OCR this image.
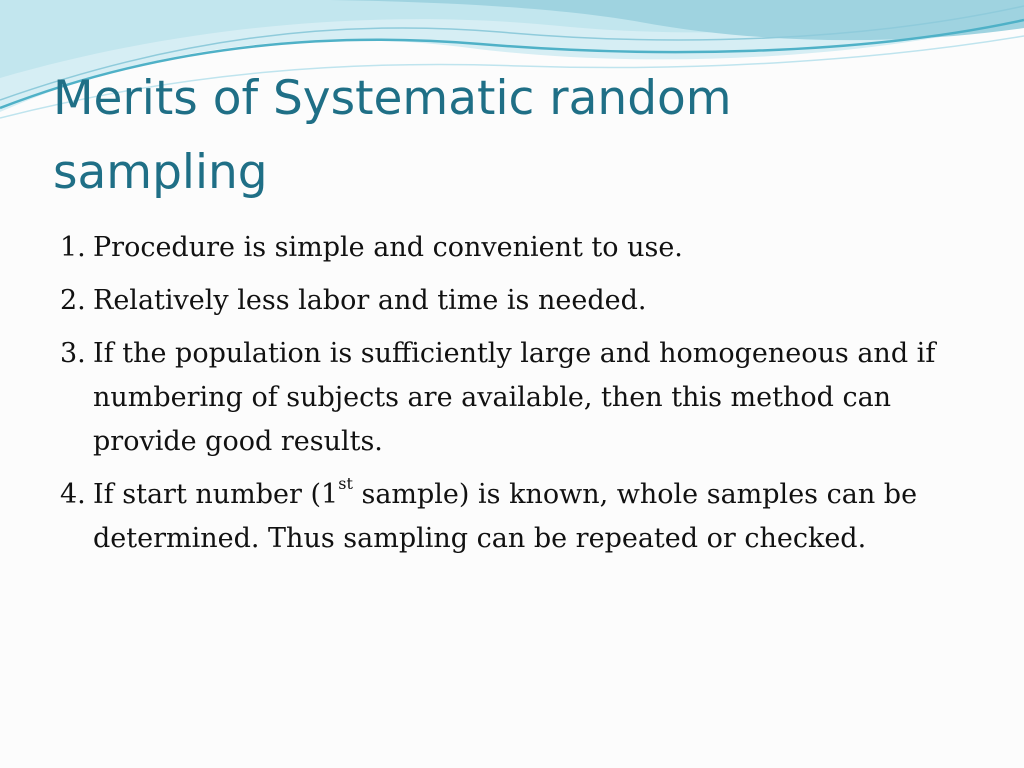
Merits of Systematic random sampling
1. Procedure is simple and convenient to use.
2. Relatively less labor and time is needed.
3. If the population is sufficiently large and homogeneous and if numbering of subjects are available, then this method can provide good results.
4. If start number (1st sample) is known, whole samples can be determined. Thus sampling can be repeated or checked.
